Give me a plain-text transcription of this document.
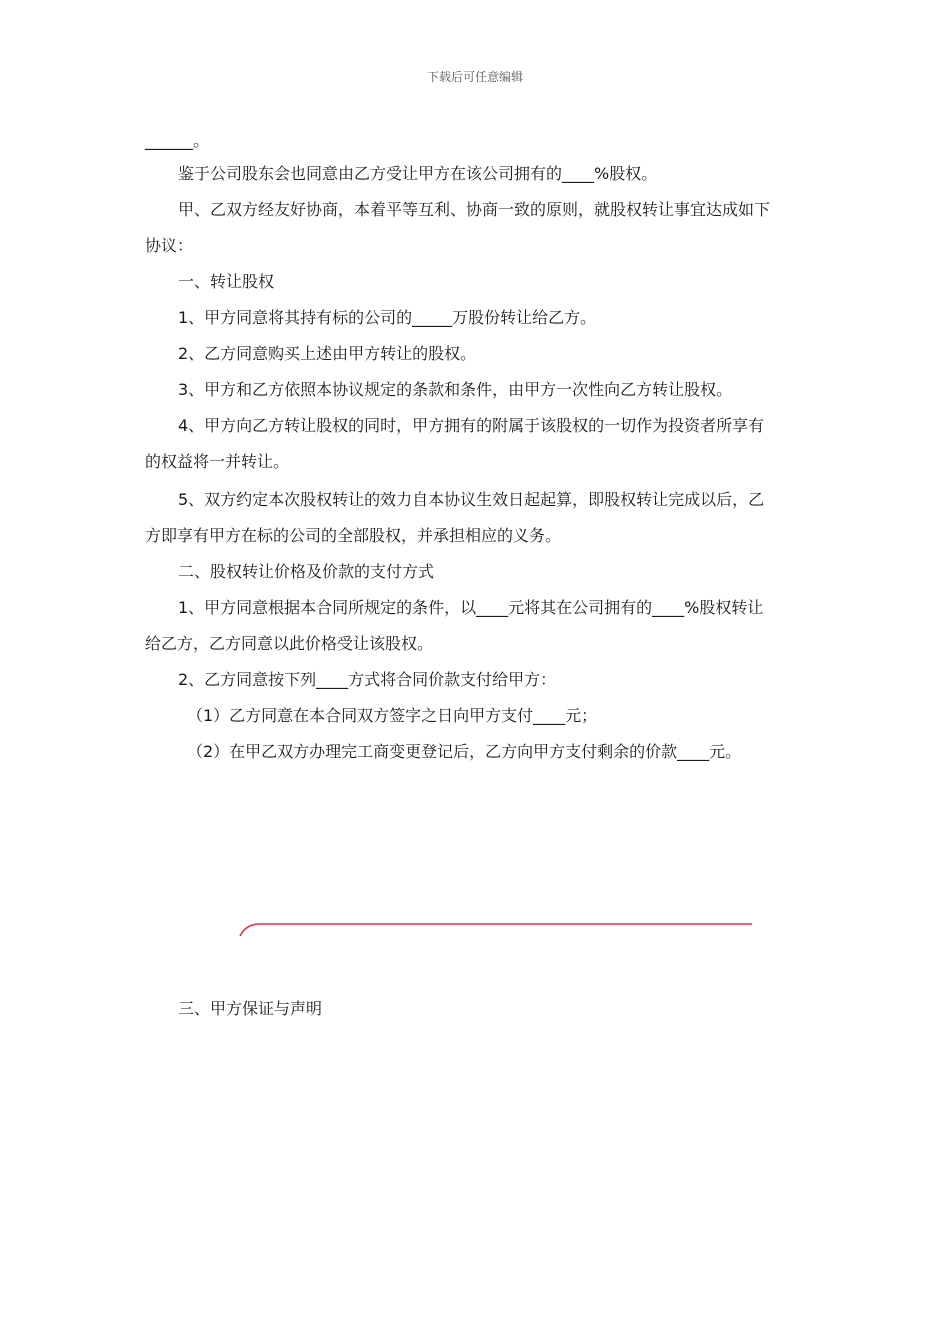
下载后可任意编辑
______。
鉴于公司股东会也同意由乙方受让甲方在该公司拥有的____%股权。
甲、乙双方经友好协商，本着平等互利、协商一致的原则，就股权转让事宜达成如下
协议：
一、转让股权
1、甲方同意将其持有标的公司的_____万股份转让给乙方。
2、乙方同意购买上述由甲方转让的股权。
3、甲方和乙方依照本协议规定的条款和条件，由甲方一次性向乙方转让股权。
4、甲方向乙方转让股权的同时，甲方拥有的附属于该股权的一切作为投资者所享有
的权益将一并转让。
5、双方约定本次股权转让的效力自本协议生效日起起算，即股权转让完成以后，乙
方即享有甲方在标的公司的全部股权，并承担相应的义务。
二、股权转让价格及价款的支付方式
1、甲方同意根据本合同所规定的条件，以____元将其在公司拥有的____%股权转让
给乙方，乙方同意以此价格受让该股权。
2、乙方同意按下列____方式将合同价款支付给甲方：
（1）乙方同意在本合同双方签字之日向甲方支付____元；
（2）在甲乙双方办理完工商变更登记后，乙方向甲方支付剩余的价款____元。
三、甲方保证与声明
